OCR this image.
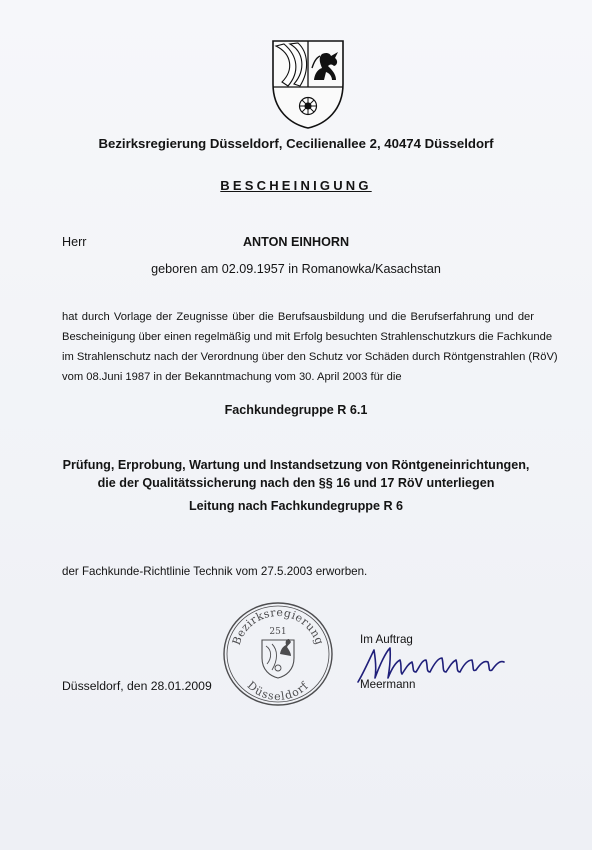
Bezirksregierung Düsseldorf, Cecilienallee 2, 40474 Düsseldorf
BESCHEINIGUNG
Herr	ANTON EINHORN
geboren am 02.09.1957 in Romanowka/Kasachstan
hat durch Vorlage der Zeugnisse über die Berufsausbildung und die Berufserfahrung und der
Bescheinigung über einen regelmäßig und mit Erfolg besuchten Strahlenschutzkurs die Fachkunde
im Strahlenschutz nach der Verordnung über den Schutz vor Schäden durch Röntgenstrahlen (RöV)
vom 08.Juni 1987 in der Bekanntmachung vom 30. April 2003 für die
Fachkundegruppe R 6.1
Prüfung, Erprobung, Wartung und Instandsetzung von Röntgeneinrichtungen,
die der Qualitätssicherung nach den §§ 16 und 17 RöV unterliegen
Leitung nach Fachkundegruppe R 6
der Fachkunde-Richtlinie Technik vom 27.5.2003 erworben.
Bezirksregierung
251
Düsseldorf
Im Auftrag
Meermann
Düsseldorf, den 28.01.2009
